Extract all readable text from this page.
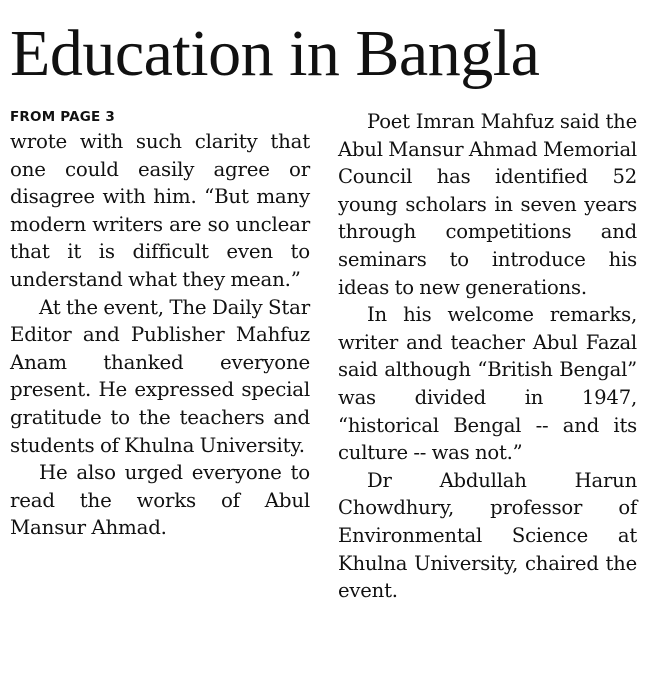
Education in Bangla
FROM PAGE 3

wrote with such clarity that one could easily agree or disagree with him. “But many modern writers are so unclear that it is difficult even to understand what they mean.”

At the event, The Daily Star Editor and Publisher Mahfuz Anam thanked everyone present. He expressed special gratitude to the teachers and students of Khulna University.

He also urged everyone to read the works of Abul Mansur Ahmad.

Poet Imran Mahfuz said the Abul Mansur Ahmad Memorial Council has identified 52 young scholars in seven years through competitions and seminars to introduce his ideas to new generations.

In his welcome remarks, writer and teacher Abul Fazal said although “British Bengal” was divided in 1947, “historical Bengal -- and its culture -- was not.”

Dr Abdullah Harun Chowdhury, professor of Environmental Science at Khulna University, chaired the event.
